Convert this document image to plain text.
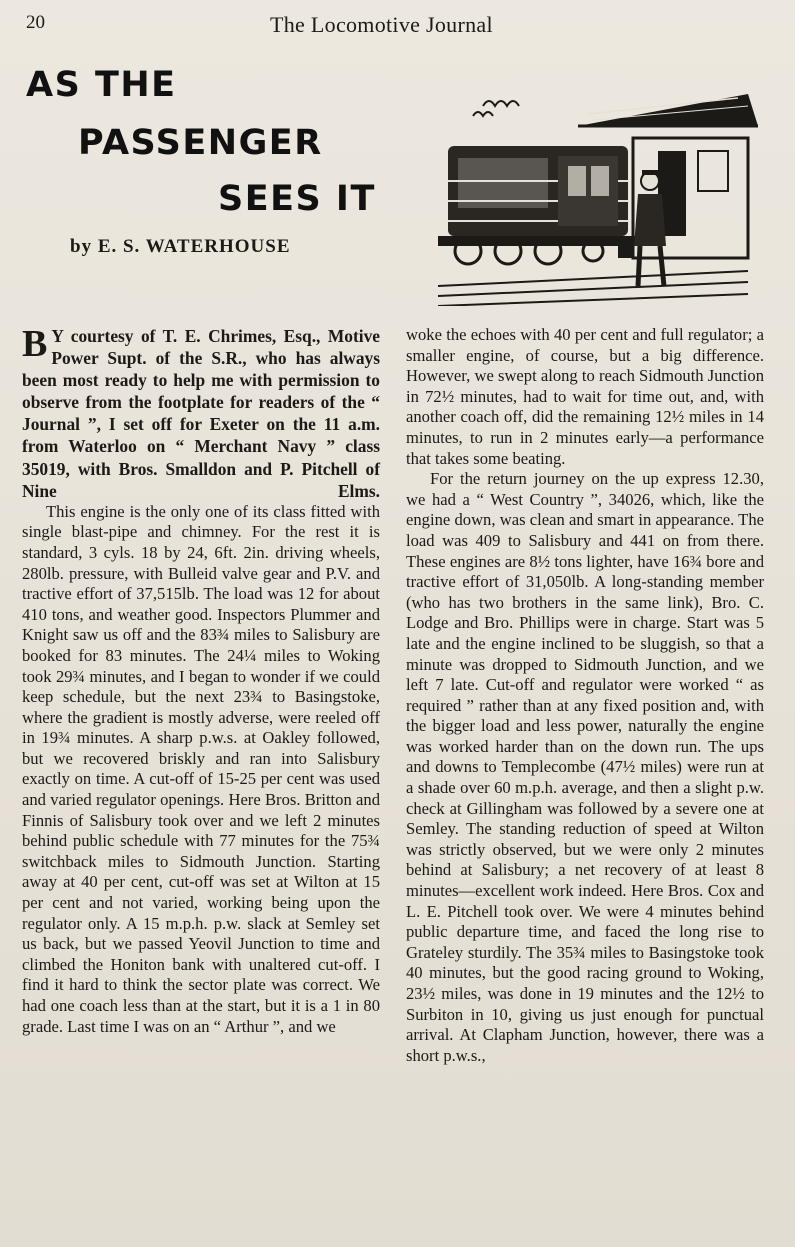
20	The Locomotive Journal
AS THE
PASSENGER
SEES IT
by E. S. WATERHOUSE

B Y courtesy of T. E. Chrimes, Esq., Motive Power Supt. of the S.R., who has always been most ready to help me with permission to observe from the footplate for readers of the “ Journal ”, I set off for Exeter on the 11 a.m. from Waterloo on “ Merchant Navy ” class 35019, with Bros. Smalldon and P. Pitchell of Nine Elms.

This engine is the only one of its class fitted with single blast-pipe and chimney. For the rest it is standard, 3 cyls. 18 by 24, 6ft. 2in. driving wheels, 280lb. pressure, with Bulleid valve gear and P.V. and tractive effort of 37,515lb. The load was 12 for about 410 tons, and weather good. Inspectors Plummer and Knight saw us off and the 83¾ miles to Salisbury are booked for 83 minutes. The 24¼ miles to Woking took 29¾ minutes, and I began to wonder if we could keep schedule, but the next 23¾ to Basingstoke, where the gradient is mostly adverse, were reeled off in 19¾ minutes. A sharp p.w.s. at Oakley followed, but we recovered briskly and ran into Salisbury exactly on time. A cut-off of 15-25 per cent was used and varied regulator openings. Here Bros. Britton and Finnis of Salisbury took over and we left 2 minutes behind public schedule with 77 minutes for the 75¾ switchback miles to Sidmouth Junction. Starting away at 40 per cent, cut-off was set at Wilton at 15 per cent and not varied, working being upon the regulator only. A 15 m.p.h. p.w. slack at Semley set us back, but we passed Yeovil Junction to time and climbed the Honiton bank with unaltered cut-off. I find it hard to think the sector plate was correct. We had one coach less than at the start, but it is a 1 in 80 grade. Last time I was on an “ Arthur ”, and we

woke the echoes with 40 per cent and full regulator; a smaller engine, of course, but a big difference. However, we swept along to reach Sidmouth Junction in 72½ minutes, had to wait for time out, and, with another coach off, did the remaining 12½ miles in 14 minutes, to run in 2 minutes early—a performance that takes some beating.

For the return journey on the up express 12.30, we had a “ West Country ”, 34026, which, like the engine down, was clean and smart in appearance. The load was 409 to Salisbury and 441 on from there. These engines are 8½ tons lighter, have 16¾ bore and tractive effort of 31,050lb. A long-standing member (who has two brothers in the same link), Bro. C. Lodge and Bro. Phillips were in charge. Start was 5 late and the engine inclined to be sluggish, so that a minute was dropped to Sidmouth Junction, and we left 7 late. Cut-off and regulator were worked “ as required ” rather than at any fixed position and, with the bigger load and less power, naturally the engine was worked harder than on the down run. The ups and downs to Templecombe (47½ miles) were run at a shade over 60 m.p.h. average, and then a slight p.w. check at Gillingham was followed by a severe one at Semley. The standing reduction of speed at Wilton was strictly observed, but we were only 2 minutes behind at Salisbury; a net recovery of at least 8 minutes—excellent work indeed. Here Bros. Cox and L. E. Pitchell took over. We were 4 minutes behind public departure time, and faced the long rise to Grateley sturdily. The 35¾ miles to Basingstoke took 40 minutes, but the good racing ground to Woking, 23½ miles, was done in 19 minutes and the 12½ to Surbiton in 10, giving us just enough for punctual arrival. At Clapham Junction, however, there was a short p.w.s.,
